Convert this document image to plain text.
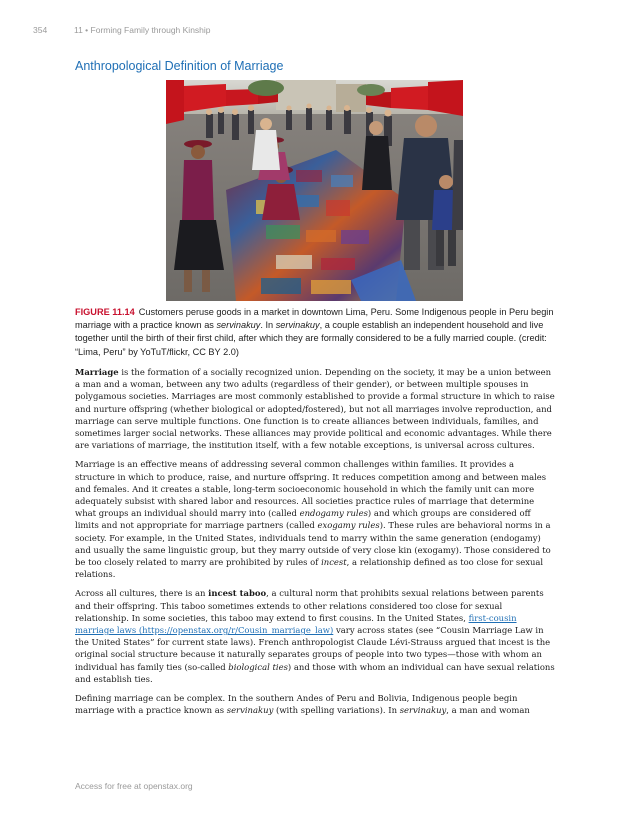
354	11 • Forming Family through Kinship
Anthropological Definition of Marriage
FIGURE 11.14 Customers peruse goods in a market in downtown Lima, Peru. Some Indigenous people in Peru begin marriage with a practice known as servinakuy. In servinakuy, a couple establish an independent household and live together until the birth of their first child, after which they are formally considered to be a fully married couple. (credit: “Lima, Peru” by YoTuT/flickr, CC BY 2.0)

Marriage is the formation of a socially recognized union. Depending on the society, it may be a union between a man and a woman, between any two adults (regardless of their gender), or between multiple spouses in polygamous societies. Marriages are most commonly established to provide a formal structure in which to raise and nurture offspring (whether biological or adopted/fostered), but not all marriages involve reproduction, and marriage can serve multiple functions. One function is to create alliances between individuals, families, and sometimes larger social networks. These alliances may provide political and economic advantages. While there are variations of marriage, the institution itself, with a few notable exceptions, is universal across cultures.

Marriage is an effective means of addressing several common challenges within families. It provides a structure in which to produce, raise, and nurture offspring. It reduces competition among and between males and females. And it creates a stable, long-term socioeconomic household in which the family unit can more adequately subsist with shared labor and resources. All societies practice rules of marriage that determine what groups an individual should marry into (called endogamy rules) and which groups are considered off limits and not appropriate for marriage partners (called exogamy rules). These rules are behavioral norms in a society. For example, in the United States, individuals tend to marry within the same generation (endogamy) and usually the same linguistic group, but they marry outside of very close kin (exogamy). Those considered to be too closely related to marry are prohibited by rules of incest, a relationship defined as too close for sexual relations.

Across all cultures, there is an incest taboo, a cultural norm that prohibits sexual relations between parents and their offspring. This taboo sometimes extends to other relations considered too close for sexual relationship. In some societies, this taboo may extend to first cousins. In the United States, first-cousin marriage laws (https://openstax.org/r/Cousin_marriage_law) vary across states (see “Cousin Marriage Law in the United States” for current state laws). French anthropologist Claude Lévi-Strauss argued that incest is the original social structure because it naturally separates groups of people into two types—those with whom an individual has family ties (so-called biological ties) and those with whom an individual can have sexual relations and establish ties.

Defining marriage can be complex. In the southern Andes of Peru and Bolivia, Indigenous people begin marriage with a practice known as servinakuy (with spelling variations). In servinakuy, a man and woman

Access for free at openstax.org
